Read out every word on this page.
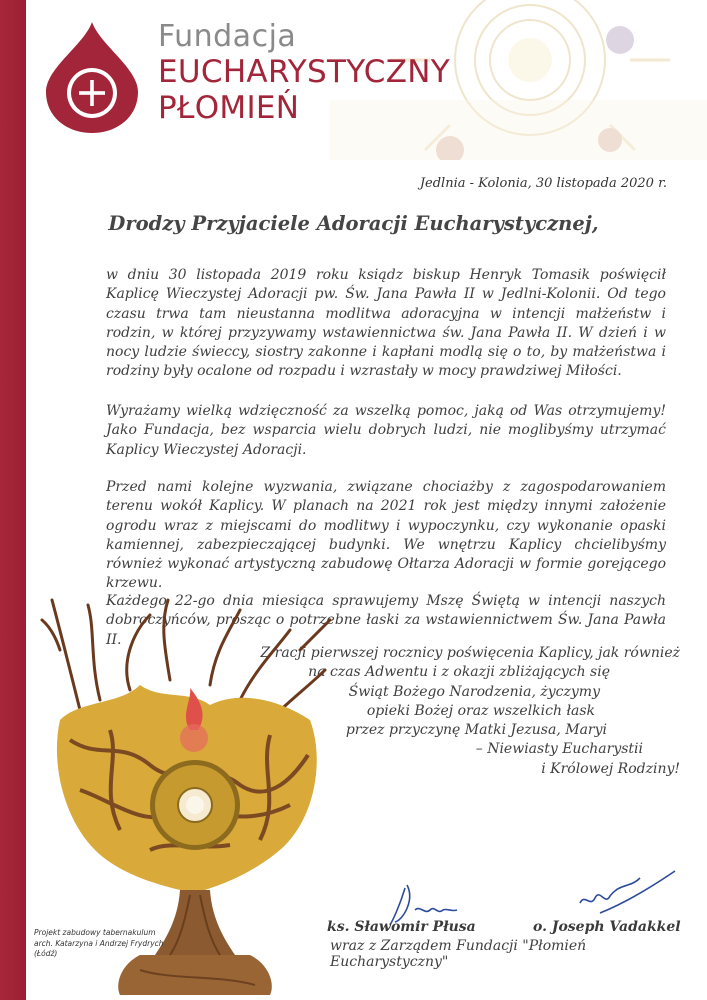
Fundacja
EUCHARYSTYCZNY
PŁOMIEŃ
Jedlnia - Kolonia, 30 listopada 2020 r.
Drodzy Przyjaciele Adoracji Eucharystycznej,

w dniu 30 listopada 2019 roku ksiądz biskup Henryk Tomasik poświęcił Kaplicę Wieczystej Adoracji pw. Św. Jana Pawła II w Jedlni-Kolonii. Od tego czasu trwa tam nieustanna modlitwa adoracyjna w intencji małżeństw i rodzin, w której przyzywamy wstawiennictwa św. Jana Pawła II. W dzień i w nocy ludzie świeccy, siostry zakonne i kapłani modlą się o to, by małżeństwa i rodziny były ocalone od rozpadu i wzrastały w mocy prawdziwej Miłości.

Wyrażamy wielką wdzięczność za wszelką pomoc, jaką od Was otrzymujemy! Jako Fundacja, bez wsparcia wielu dobrych ludzi, nie moglibyśmy utrzymać Kaplicy Wieczystej Adoracji.

Przed nami kolejne wyzwania, związane chociażby z zagospodarowaniem terenu wokół Kaplicy. W planach na 2021 rok jest między innymi założenie ogrodu wraz z miejscami do modlitwy i wypoczynku, czy wykonanie opaski kamiennej, zabezpieczającej budynki. We wnętrzu Kaplicy chcielibyśmy również wykonać artystyczną zabudowę Ołtarza Adoracji w formie gorejącego krzewu.

Każdego 22-go dnia miesiąca sprawujemy Mszę Świętą w intencji naszych dobroczyńców, prosząc o potrzebne łaski za wstawiennictwem Św. Jana Pawła II.

Z racji pierwszej rocznicy poświęcenia Kaplicy, jak również
na czas Adwentu i z okazji zbliżających się
Świąt Bożego Narodzenia, życzymy
opieki Bożej oraz wszelkich łask
przez przyczynę Matki Jezusa, Maryi
– Niewiasty Eucharystii
i Królowej Rodziny!
Projekt zabudowy tabernakulum
arch. Katarzyna i Andrzej Frydrych
(Łódź)
ks. Sławomir Płusa	o. Joseph Vadakkel
wraz z Zarządem Fundacji "Płomień Eucharystyczny"
